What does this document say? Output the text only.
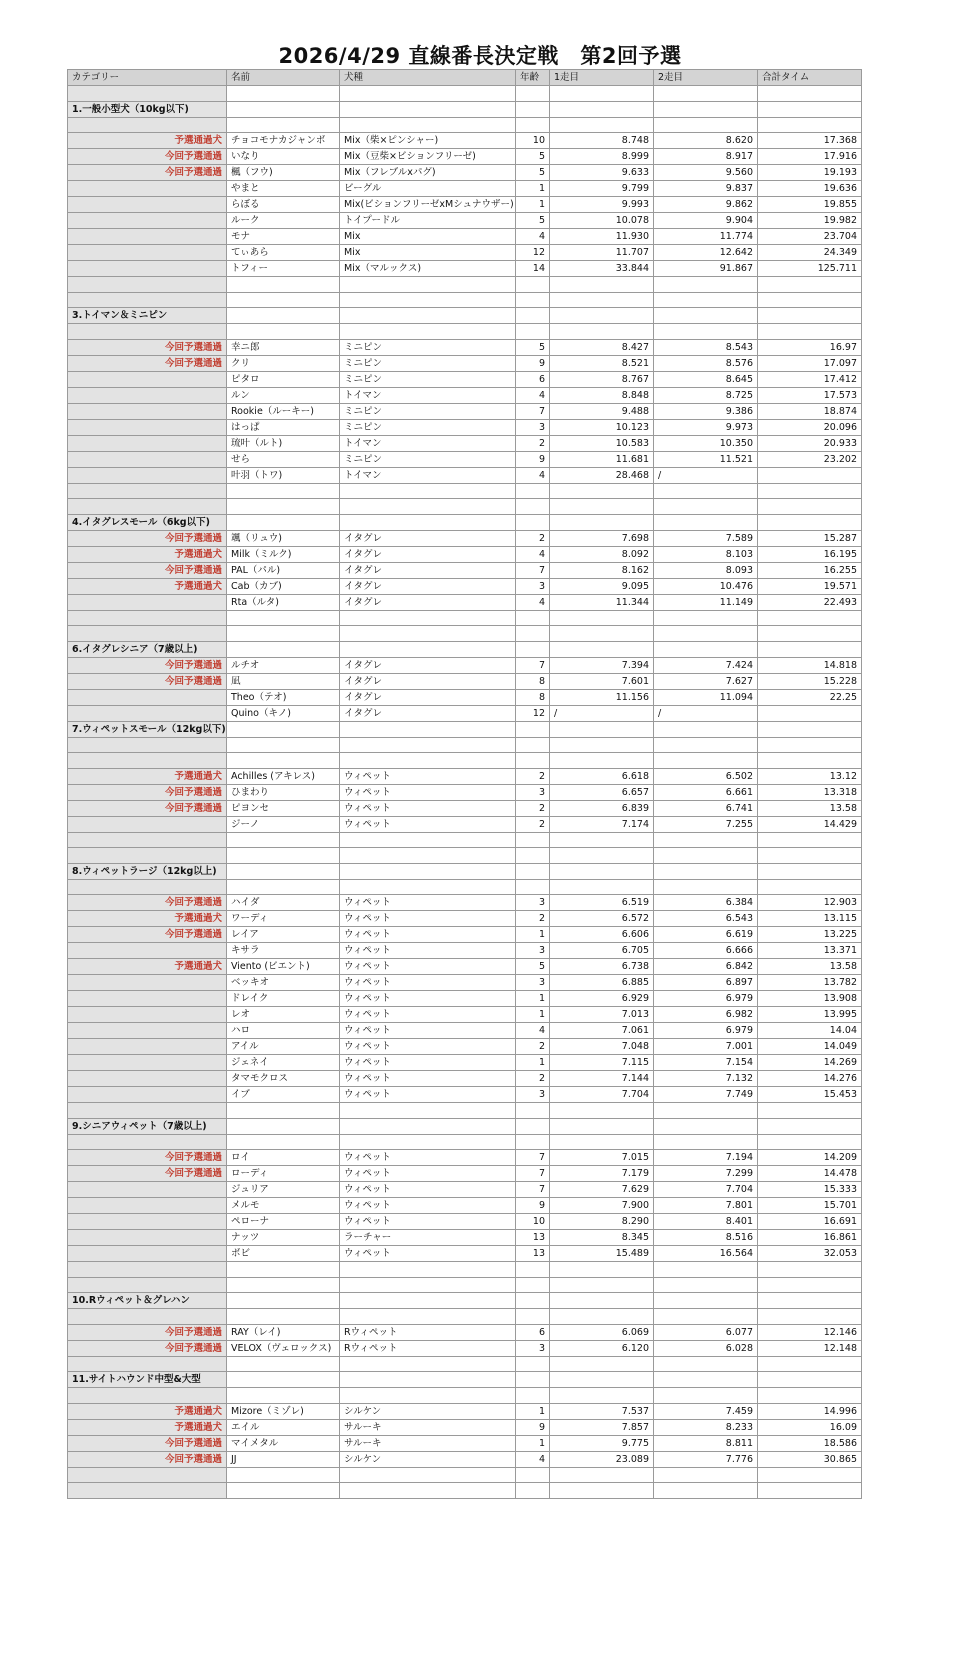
2026/4/29 直線番長決定戦　第2回予選
カテゴリー	名前	犬種	年齢	1走目	2走目	合計タイム

1.一般小型犬（10kg以下)						

予選通過犬	チョコモナカジャンボ	Mix（柴×ピンシャー)	10	8.748	8.620	17.368
今回予選通過	いなり	Mix（豆柴×ビションフリーゼ)	5	8.999	8.917	17.916
今回予選通過	楓（フウ)	Mix（フレブルxパグ)	5	9.633	9.560	19.193
	やまと	ビーグル	1	9.799	9.837	19.636
	らぼる	Mix(ビションフリーゼxMシュナウザー)	1	9.993	9.862	19.855
	ルーク	トイプードル	5	10.078	9.904	19.982
	モナ	Mix	4	11.930	11.774	23.704
	てぃあら	Mix	12	11.707	12.642	24.349
	トフィー	Mix（マルックス)	14	33.844	91.867	125.711

3.トイマン＆ミニピン						

今回予選通過	幸ニ郎	ミニピン	5	8.427	8.543	16.97
今回予選通過	クリ	ミニピン	9	8.521	8.576	17.097
	ピタロ	ミニピン	6	8.767	8.645	17.412
	ルン	トイマン	4	8.848	8.725	17.573
	Rookie（ルーキー)	ミニピン	7	9.488	9.386	18.874
	はっぱ	ミニピン	3	10.123	9.973	20.096
	琉叶（ルト)	トイマン	2	10.583	10.350	20.933
	せら	ミニピン	9	11.681	11.521	23.202
	叶羽（トワ)	トイマン	4	28.468	/	

4.イタグレスモール（6kg以下)						
今回予選通過	颯（リュウ)	イタグレ	2	7.698	7.589	15.287
予選通過犬	Milk（ミルク)	イタグレ	4	8.092	8.103	16.195
今回予選通過	PAL（パル)	イタグレ	7	8.162	8.093	16.255
予選通過犬	Cab（カブ)	イタグレ	3	9.095	10.476	19.571
	Rta（ルタ)	イタグレ	4	11.344	11.149	22.493

6.イタグレシニア（7歳以上)						
今回予選通過	ルチオ	イタグレ	7	7.394	7.424	14.818
今回予選通過	凪	イタグレ	8	7.601	7.627	15.228
	Theo（テオ)	イタグレ	8	11.156	11.094	22.25
	Quino（キノ)	イタグレ	12	/	/	
7.ウィペットスモール（12kg以下)						

予選通過犬	Achilles (アキレス)	ウィペット	2	6.618	6.502	13.12
今回予選通過	ひまわり	ウィペット	3	6.657	6.661	13.318
今回予選通過	ピヨンセ	ウィペット	2	6.839	6.741	13.58
	ジーノ	ウィペット	2	7.174	7.255	14.429

8.ウィペットラージ（12kg以上)						

今回予選通過	ハイダ	ウィペット	3	6.519	6.384	12.903
予選通過犬	ワーディ	ウィペット	2	6.572	6.543	13.115
今回予選通過	レイア	ウィペット	1	6.606	6.619	13.225
	キサラ	ウィペット	3	6.705	6.666	13.371
予選通過犬	Viento (ビエント)	ウィペット	5	6.738	6.842	13.58
	ベッキオ	ウィペット	3	6.885	6.897	13.782
	ドレイク	ウィペット	1	6.929	6.979	13.908
	レオ	ウィペット	1	7.013	6.982	13.995
	ハロ	ウィペット	4	7.061	6.979	14.04
	アイル	ウィペット	2	7.048	7.001	14.049
	ジェネイ	ウィペット	1	7.115	7.154	14.269
	タマモクロス	ウィペット	2	7.144	7.132	14.276
	イブ	ウィペット	3	7.704	7.749	15.453

9.シニアウィペット（7歳以上)						

今回予選通過	ロイ	ウィペット	7	7.015	7.194	14.209
今回予選通過	ローディ	ウィペット	7	7.179	7.299	14.478
	ジュリア	ウィペット	7	7.629	7.704	15.333
	メルモ	ウィペット	9	7.900	7.801	15.701
	ペローナ	ウィペット	10	8.290	8.401	16.691
	ナッツ	ラーチャー	13	8.345	8.516	16.861
	ボビ	ウィペット	13	15.489	16.564	32.053

10.Rウィペット＆グレハン						

今回予選通過	RAY（レイ)	Rウィペット	6	6.069	6.077	12.146
今回予選通過	VELOX（ヴェロックス)	Rウィペット	3	6.120	6.028	12.148

11.サイトハウンド中型&大型						

予選通過犬	Mizore（ミゾレ)	シルケン	1	7.537	7.459	14.996
予選通過犬	エイル	サルーキ	9	7.857	8.233	16.09
今回予選通過	マイメタル	サルーキ	1	9.775	8.811	18.586
今回予選通過	JJ	シルケン	4	23.089	7.776	30.865
